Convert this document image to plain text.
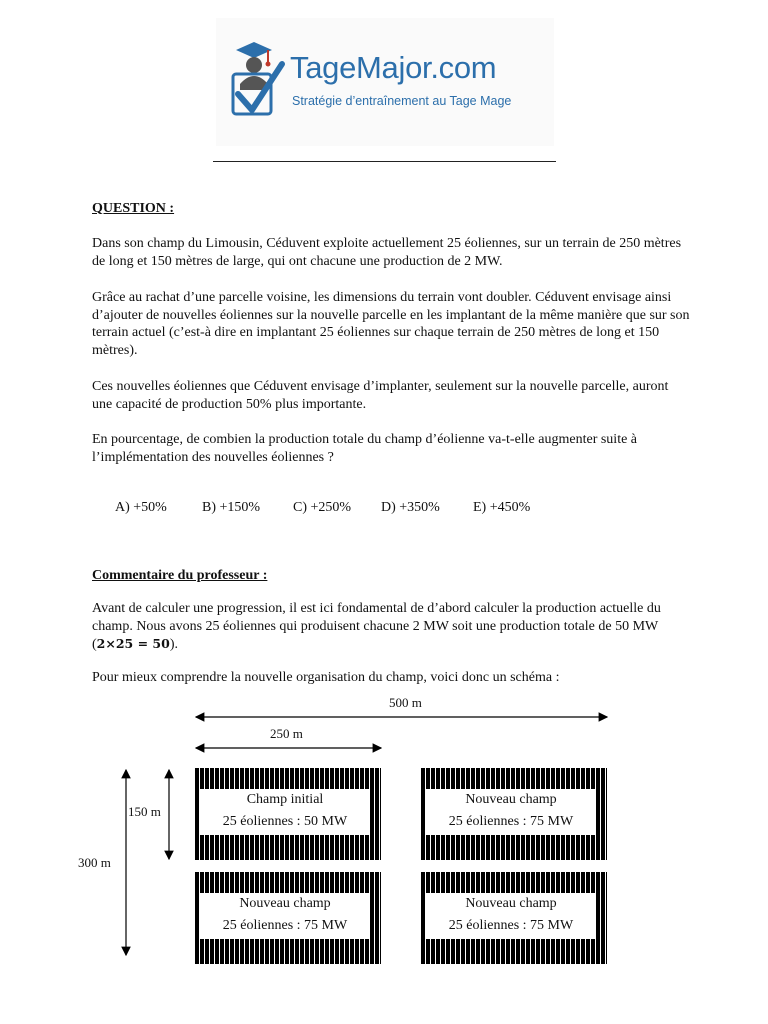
TageMajor.com
Stratégie d’entraînement au Tage Mage
QUESTION :
Dans son champ du Limousin, Céduvent exploite actuellement 25 éoliennes, sur un terrain de 250 mètres de long et 150 mètres de large, qui ont chacune une production de 2 MW.
Grâce au rachat d’une parcelle voisine, les dimensions du terrain vont doubler. Céduvent envisage ainsi d’ajouter de nouvelles éoliennes sur la nouvelle parcelle en les implantant de la même manière que sur son terrain actuel (c’est-à dire en implantant 25 éoliennes sur chaque terrain de 250 mètres de long et 150 mètres).
Ces nouvelles éoliennes que Céduvent envisage d’implanter, seulement sur la nouvelle parcelle, auront une capacité de production 50% plus importante.
En pourcentage, de combien la production totale du champ d’éolienne va-t-elle augmenter suite à l’implémentation des nouvelles éoliennes ?
A) +50%	B) +150% C) +250% D) +350% E) +450%
Commentaire du professeur :
Avant de calculer une progression, il est ici fondamental de d’abord calculer la production actuelle du champ. Nous avons 25 éoliennes qui produisent chacune 2 MW soit une production totale de 50 MW (2×25 = 50).
Pour mieux comprendre la nouvelle organisation du champ, voici donc un schéma :
500 m
250 m
150 m
300 m
Champ initial
25 éoliennes : 50 MW
Nouveau champ
25 éoliennes : 75 MW
Nouveau champ
25 éoliennes : 75 MW
Nouveau champ
25 éoliennes : 75 MW
